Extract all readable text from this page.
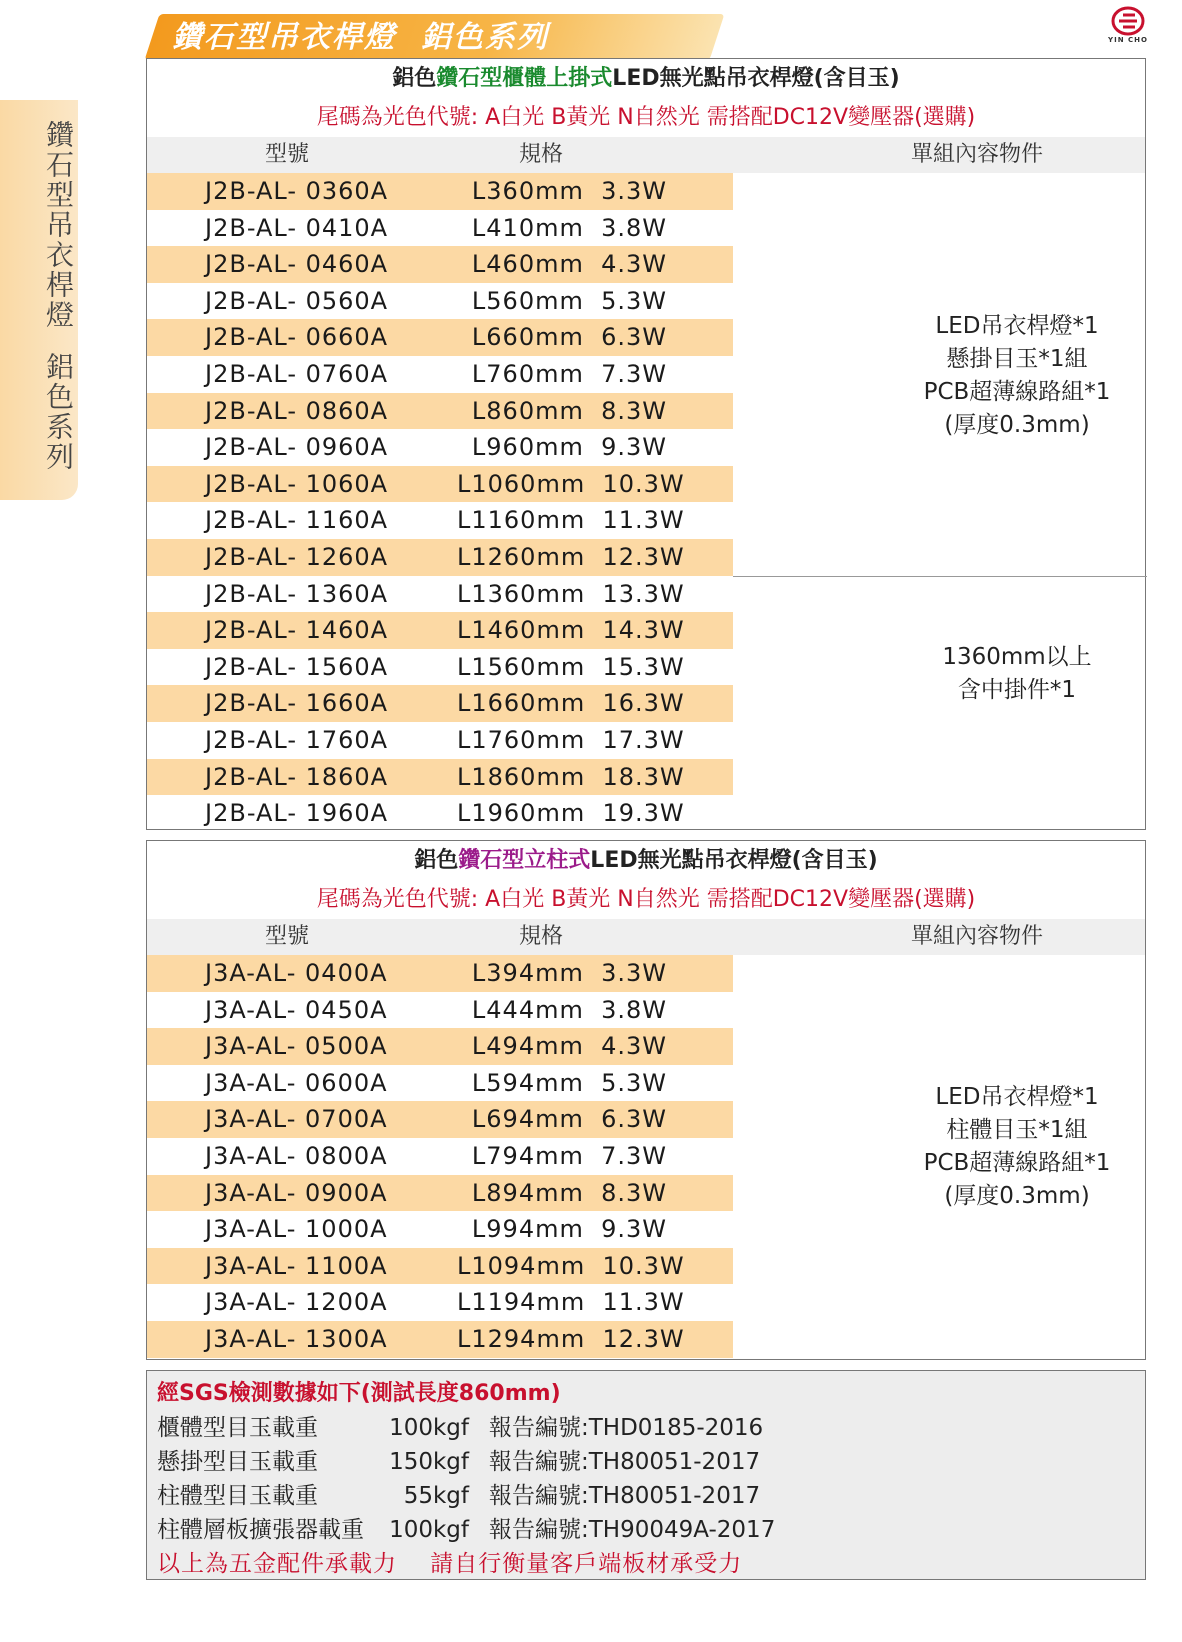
鑽石型吊衣桿燈  鋁色系列	YIN CHO
鑽石型吊衣桿燈  鋁色系列
鋁色鑽石型櫃體上掛式LED無光點吊衣桿燈(含目玉)
尾碼為光色代號: A白光 B黃光 N自然光 需搭配DC12V變壓器(選購)
型號	規格	單組內容物件
J2B-AL- 0360A	L360mm  3.3W
J2B-AL- 0410A	L410mm  3.8W
J2B-AL- 0460A	L460mm  4.3W
J2B-AL- 0560A	L560mm  5.3W
J2B-AL- 0660A	L660mm  6.3W
J2B-AL- 0760A	L760mm  7.3W
J2B-AL- 0860A	L860mm  8.3W
J2B-AL- 0960A	L960mm  9.3W
J2B-AL- 1060A	L1060mm  10.3W
J2B-AL- 1160A	L1160mm  11.3W
J2B-AL- 1260A	L1260mm  12.3W
J2B-AL- 1360A	L1360mm  13.3W
J2B-AL- 1460A	L1460mm  14.3W
J2B-AL- 1560A	L1560mm  15.3W
J2B-AL- 1660A	L1660mm  16.3W
J2B-AL- 1760A	L1760mm  17.3W
J2B-AL- 1860A	L1860mm  18.3W
J2B-AL- 1960A	L1960mm  19.3W
LED吊衣桿燈*1
懸掛目玉*1組
PCB超薄線路組*1
(厚度0.3mm)
1360mm以上
含中掛件*1
鋁色鑽石型立柱式LED無光點吊衣桿燈(含目玉)
尾碼為光色代號: A白光 B黃光 N自然光 需搭配DC12V變壓器(選購)
型號	規格	單組內容物件
J3A-AL- 0400A	L394mm  3.3W
J3A-AL- 0450A	L444mm  3.8W
J3A-AL- 0500A	L494mm  4.3W
J3A-AL- 0600A	L594mm  5.3W
J3A-AL- 0700A	L694mm  6.3W
J3A-AL- 0800A	L794mm  7.3W
J3A-AL- 0900A	L894mm  8.3W
J3A-AL- 1000A	L994mm  9.3W
J3A-AL- 1100A	L1094mm  10.3W
J3A-AL- 1200A	L1194mm  11.3W
J3A-AL- 1300A	L1294mm  12.3W
LED吊衣桿燈*1
柱體目玉*1組
PCB超薄線路組*1
(厚度0.3mm)
經SGS檢測數據如下(測試長度860mm)
櫃體型目玉載重	100kgf 報告編號:THD0185-2016
懸掛型目玉載重	150kgf 報告編號:TH80051-2017
柱體型目玉載重	55kgf 報告編號:TH80051-2017
柱體層板擴張器載重	100kgf 報告編號:TH90049A-2017
以上為五金配件承載力    請自行衡量客戶端板材承受力
